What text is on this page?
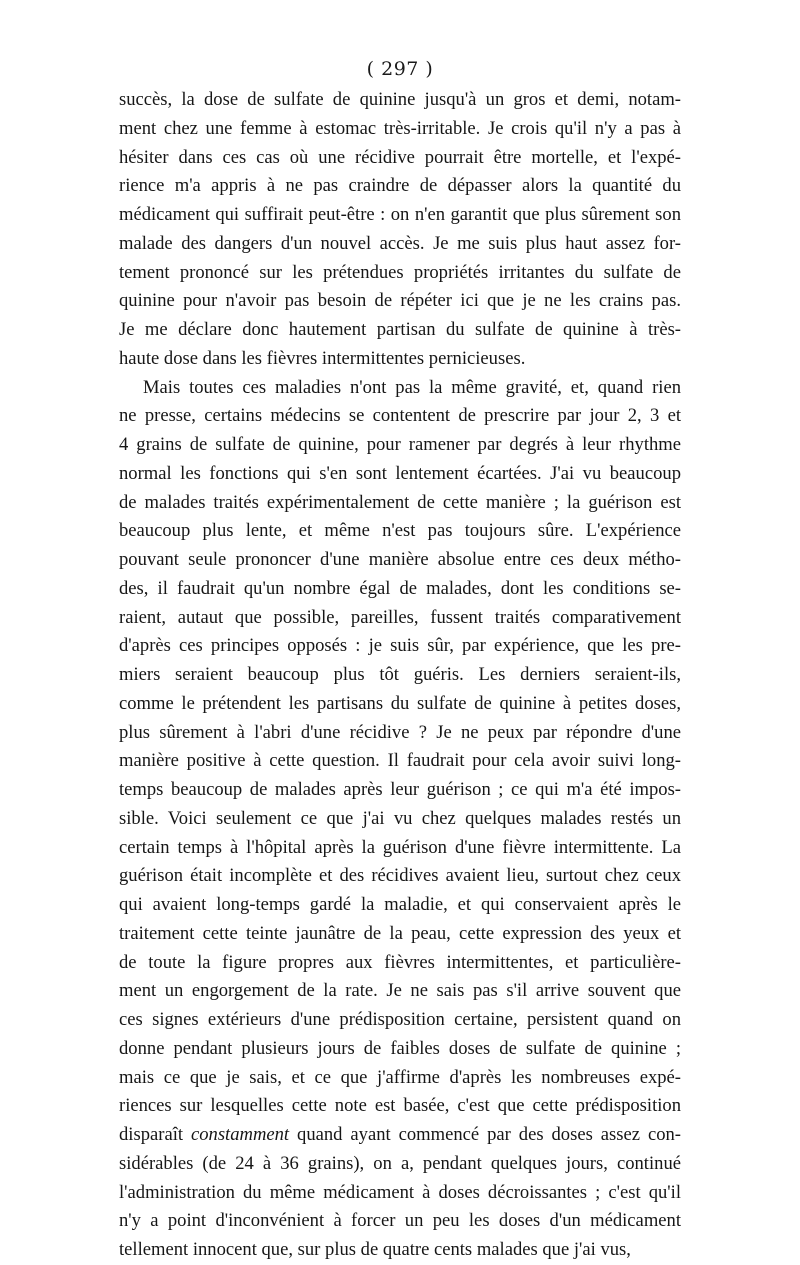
( 297 )
succès, la dose de sulfate de quinine jusqu'à un gros et demi, notam-
ment chez une femme à estomac très-irritable. Je crois qu'il n'y a pas à
hésiter dans ces cas où une récidive pourrait être mortelle, et l'expé-
rience m'a appris à ne pas craindre de dépasser alors la quantité du
médicament qui suffirait peut-être : on n'en garantit que plus sûrement son
malade des dangers d'un nouvel accès. Je me suis plus haut assez for-
tement prononcé sur les prétendues propriétés irritantes du sulfate de
quinine pour n'avoir pas besoin de répéter ici que je ne les crains pas.
Je me déclare donc hautement partisan du sulfate de quinine à très-
haute dose dans les fièvres intermittentes pernicieuses.
Mais toutes ces maladies n'ont pas la même gravité, et, quand rien
ne presse, certains médecins se contentent de prescrire par jour 2, 3 et
4 grains de sulfate de quinine, pour ramener par degrés à leur rhythme
normal les fonctions qui s'en sont lentement écartées. J'ai vu beaucoup
de malades traités expérimentalement de cette manière ; la guérison est
beaucoup plus lente, et même n'est pas toujours sûre. L'expérience
pouvant seule prononcer d'une manière absolue entre ces deux métho-
des, il faudrait qu'un nombre égal de malades, dont les conditions se-
raient, autaut que possible, pareilles, fussent traités comparativement
d'après ces principes opposés : je suis sûr, par expérience, que les pre-
miers seraient beaucoup plus tôt guéris. Les derniers seraient-ils,
comme le prétendent les partisans du sulfate de quinine à petites doses,
plus sûrement à l'abri d'une récidive ? Je ne peux par répondre d'une
manière positive à cette question. Il faudrait pour cela avoir suivi long-
temps beaucoup de malades après leur guérison ; ce qui m'a été impos-
sible. Voici seulement ce que j'ai vu chez quelques malades restés un
certain temps à l'hôpital après la guérison d'une fièvre intermittente. La
guérison était incomplète et des récidives avaient lieu, surtout chez ceux
qui avaient long-temps gardé la maladie, et qui conservaient après le
traitement cette teinte jaunâtre de la peau, cette expression des yeux et
de toute la figure propres aux fièvres intermittentes, et particulière-
ment un engorgement de la rate. Je ne sais pas s'il arrive souvent que
ces signes extérieurs d'une prédisposition certaine, persistent quand on
donne pendant plusieurs jours de faibles doses de sulfate de quinine ;
mais ce que je sais, et ce que j'affirme d'après les nombreuses expé-
riences sur lesquelles cette note est basée, c'est que cette prédisposition
disparaît constamment quand ayant commencé par des doses assez con-
sidérables (de 24 à 36 grains), on a, pendant quelques jours, continué
l'administration du même médicament à doses décroissantes ; c'est qu'il
n'y a point d'inconvénient à forcer un peu les doses d'un médicament
tellement innocent que, sur plus de quatre cents malades que j'ai vus,
